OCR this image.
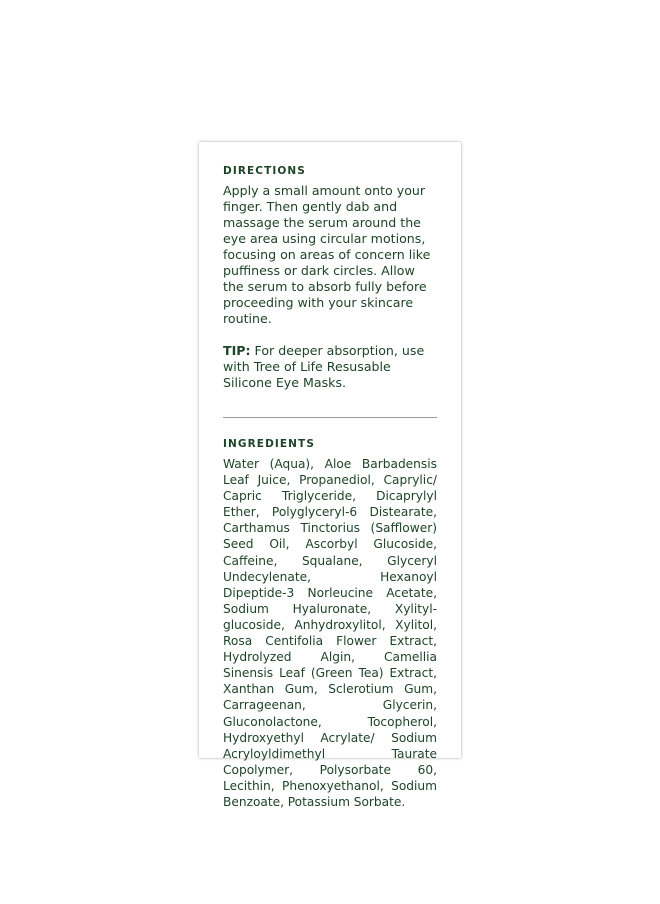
DIRECTIONS

Apply a small amount onto your finger. Then gently dab and massage the serum around the eye area using circular motions, focusing on areas of concern like puffiness or dark circles. Allow the serum to absorb fully before proceeding with your skincare routine.

TIP: For deeper absorption, use with Tree of Life Resusable Silicone Eye Masks.

INGREDIENTS

Water (Aqua), Aloe Barbadensis Leaf Juice, Propanediol, Caprylic/ Capric Triglyceride, Dicaprylyl Ether, Polyglyceryl-6 Distearate, Carthamus Tinctorius (Safflower) Seed Oil, Ascorbyl Glucoside, Caffeine, Squalane, Glyceryl Undecylenate, Hexanoyl Dipeptide-3 Norleucine Acetate, Sodium Hyaluronate, Xylitylglucoside, Anhydroxylitol, Xylitol, Rosa Centifolia Flower Extract, Hydrolyzed Algin, Camellia Sinensis Leaf (Green Tea) Extract, Xanthan Gum, Sclerotium Gum, Carrageenan, Glycerin, Gluconolactone, Tocopherol, Hydroxyethyl Acrylate/ Sodium Acryloyldimethyl Taurate Copolymer, Polysorbate 60, Lecithin, Phenoxyethanol, Sodium Benzoate, Potassium Sorbate.
